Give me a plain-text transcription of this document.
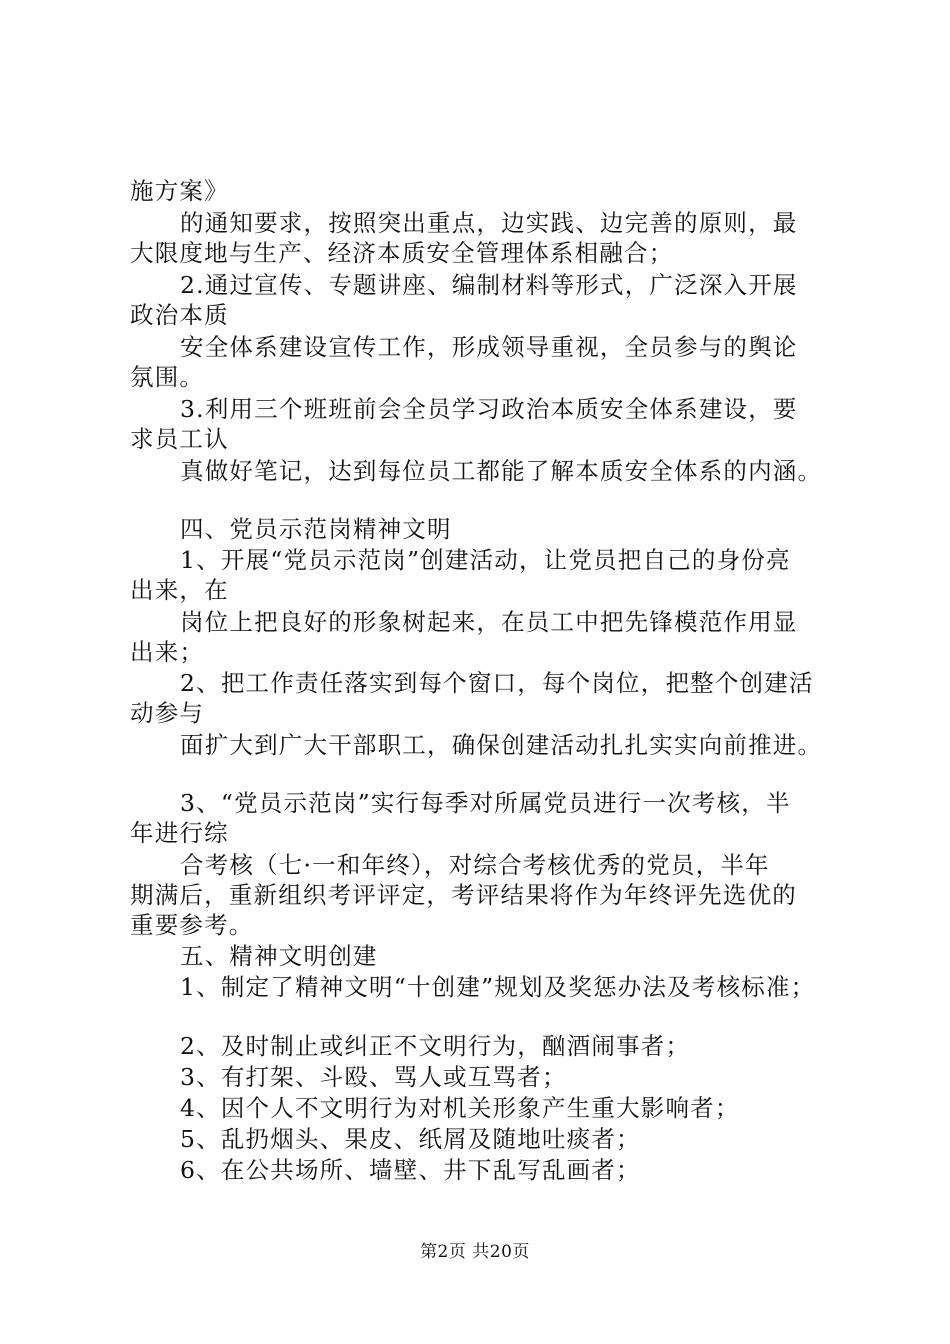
施方案》
的通知要求，按照突出重点，边实践、边完善的原则，最
大限度地与生产、经济本质安全管理体系相融合；
2.通过宣传、专题讲座、编制材料等形式，广泛深入开展
政治本质
安全体系建设宣传工作，形成领导重视，全员参与的舆论
氛围。
3.利用三个班班前会全员学习政治本质安全体系建设，要
求员工认
真做好笔记，达到每位员工都能了解本质安全体系的内涵。
四、党员示范岗精神文明
1、开展“党员示范岗”创建活动，让党员把自己的身份亮
出来，在
岗位上把良好的形象树起来，在员工中把先锋模范作用显
出来；
2、把工作责任落实到每个窗口，每个岗位，把整个创建活
动参与
面扩大到广大干部职工，确保创建活动扎扎实实向前推进。
3、“党员示范岗”实行每季对所属党员进行一次考核，半
年进行综
合考核（七·一和年终），对综合考核优秀的党员，半年
期满后，重新组织考评评定，考评结果将作为年终评先选优的
重要参考。
五、精神文明创建
1、制定了精神文明“十创建”规划及奖惩办法及考核标准；
2、及时制止或纠正不文明行为，酗酒闹事者；
3、有打架、斗殴、骂人或互骂者；
4、因个人不文明行为对机关形象产生重大影响者；
5、乱扔烟头、果皮、纸屑及随地吐痰者；
6、在公共场所、墙壁、井下乱写乱画者；
第2页 共20页
